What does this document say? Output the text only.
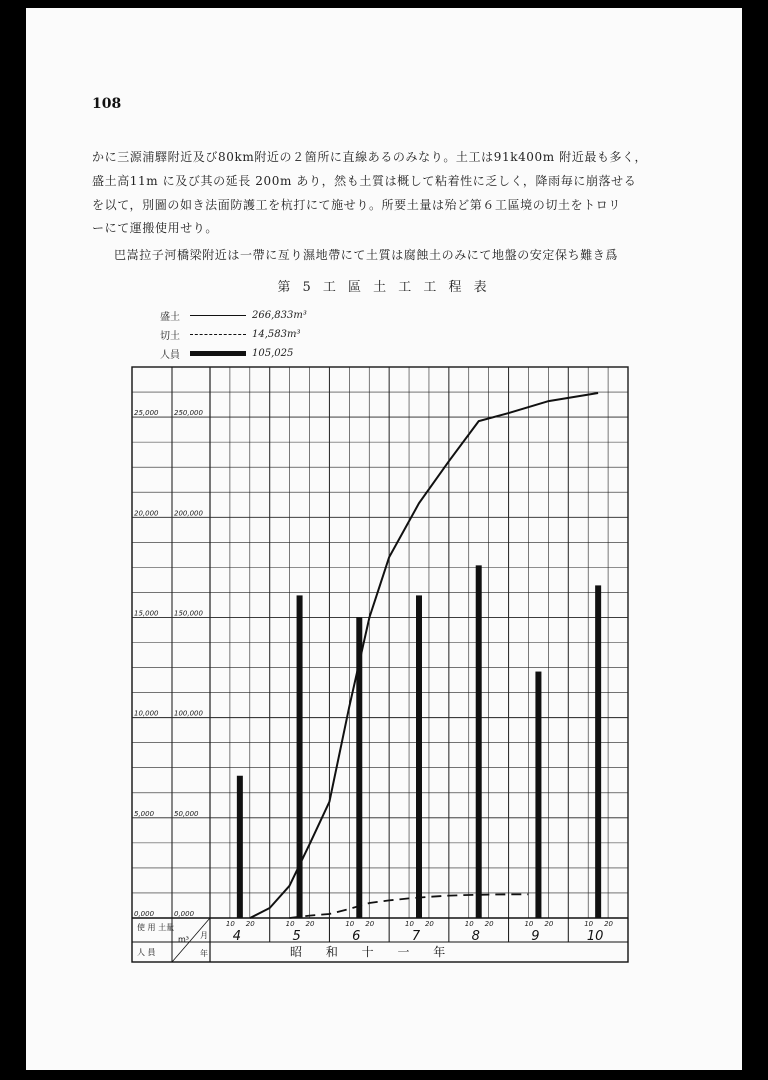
108
かに三源浦驛附近及び80km附近の２箇所に直線あるのみなり。土工は91k400m 附近最も多く，
盛土高11m に及び其の延長 200m あり，然も土質は概して粘着性に乏しく，降雨毎に崩落せる
を以て，別圖の如き法面防護工を杭打にて施せり。所要土量は殆ど第６工區境の切土をトロリ
ーにて運搬使用せり。
巴嵩拉子河橋梁附近は一帶に亙り濕地帶にて土質は腐蝕土のみにて地盤の安定保ち難き爲
第 5 工 區 土 工 工 程 表
盛土	266,833m³
切土	14,583m³
人員	105,025
0,000
5,000
10,000
15,000
20,000
25,000
0,000
50,000
100,000
150,000
200,000
250,000
4
10 20
5
10 20
6
10 20
7
10 20
8
10 20
9
10 20
10
10 20
使 用 土量
人 員
m³ 月
年	昭 和 十 一 年
